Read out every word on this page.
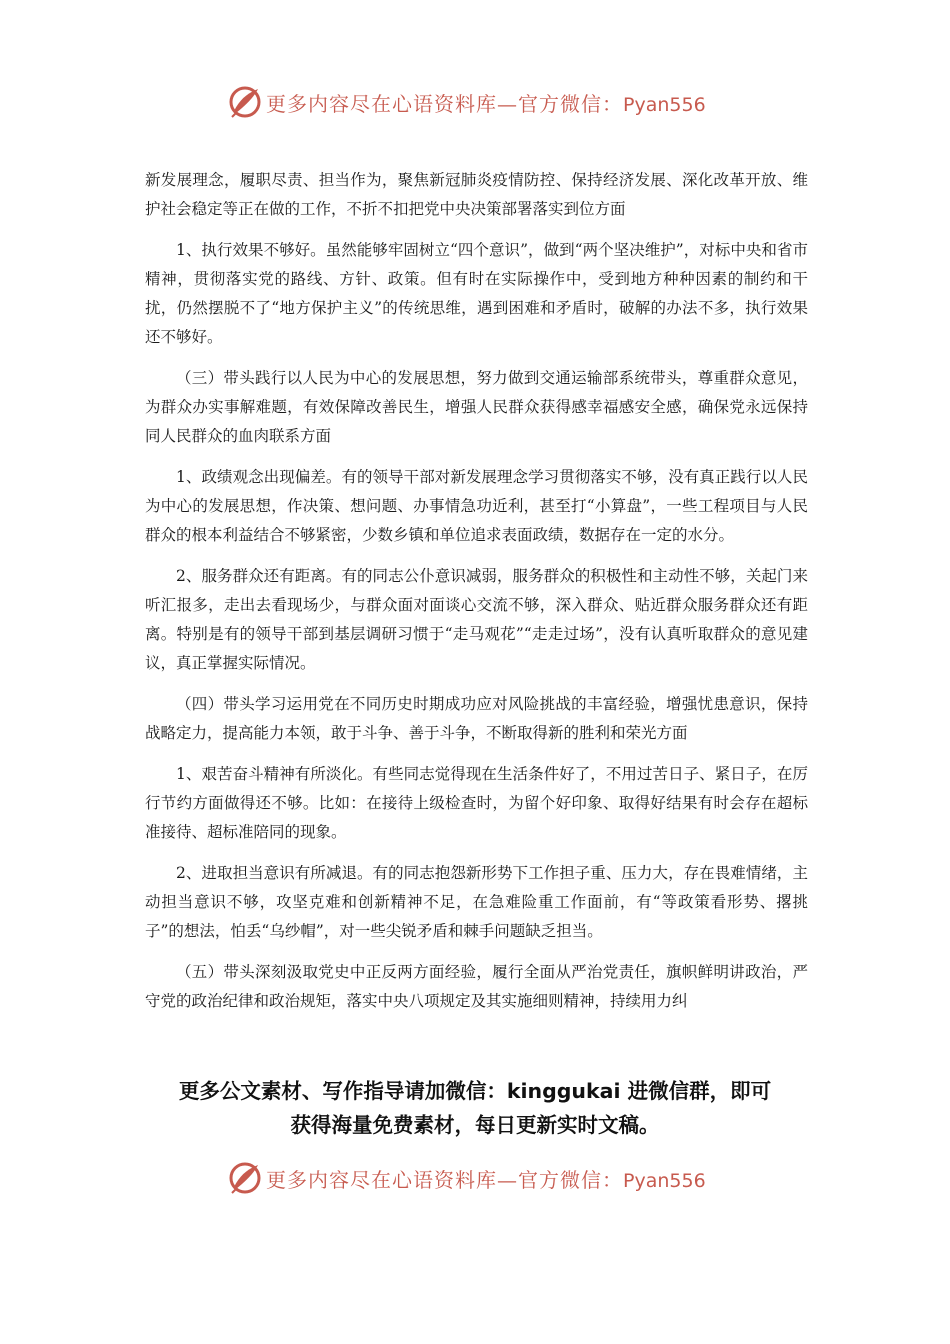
更多内容尽在心语资料库—官方微信：Pyan556

新发展理念，履职尽责、担当作为，聚焦新冠肺炎疫情防控、保持经济发展、深化改革开放、维护社会稳定等正在做的工作，不折不扣把党中央决策部署落实到位方面

1、执行效果不够好。虽然能够牢固树立“四个意识”，做到“两个坚决维护”，对标中央和省市精神，贯彻落实党的路线、方针、政策。但有时在实际操作中，受到地方种种因素的制约和干扰，仍然摆脱不了“地方保护主义”的传统思维，遇到困难和矛盾时，破解的办法不多，执行效果还不够好。

（三）带头践行以人民为中心的发展思想，努力做到交通运输部系统带头，尊重群众意见，为群众办实事解难题，有效保障改善民生，增强人民群众获得感幸福感安全感，确保党永远保持同人民群众的血肉联系方面

1、政绩观念出现偏差。有的领导干部对新发展理念学习贯彻落实不够，没有真正践行以人民为中心的发展思想，作决策、想问题、办事情急功近利，甚至打“小算盘”，一些工程项目与人民群众的根本利益结合不够紧密，少数乡镇和单位追求表面政绩，数据存在一定的水分。

2、服务群众还有距离。有的同志公仆意识减弱，服务群众的积极性和主动性不够，关起门来听汇报多，走出去看现场少，与群众面对面谈心交流不够，深入群众、贴近群众服务群众还有距离。特别是有的领导干部到基层调研习惯于“走马观花”“走走过场”，没有认真听取群众的意见建议，真正掌握实际情况。

（四）带头学习运用党在不同历史时期成功应对风险挑战的丰富经验，增强忧患意识，保持战略定力，提高能力本领，敢于斗争、善于斗争，不断取得新的胜利和荣光方面

1、艰苦奋斗精神有所淡化。有些同志觉得现在生活条件好了，不用过苦日子、紧日子，在厉行节约方面做得还不够。比如：在接待上级检查时，为留个好印象、取得好结果有时会存在超标准接待、超标准陪同的现象。

2、进取担当意识有所减退。有的同志抱怨新形势下工作担子重、压力大，存在畏难情绪，主动担当意识不够，攻坚克难和创新精神不足，在急难险重工作面前，有“等政策看形势、撂挑子”的想法，怕丢“乌纱帽”，对一些尖锐矛盾和棘手问题缺乏担当。

（五）带头深刻汲取党史中正反两方面经验，履行全面从严治党责任，旗帜鲜明讲政治，严守党的政治纪律和政治规矩，落实中央八项规定及其实施细则精神，持续用力纠

更多公文素材、写作指导请加微信：kinggukai 进微信群，即可

获得海量免费素材，每日更新实时文稿。

更多内容尽在心语资料库—官方微信：Pyan556
